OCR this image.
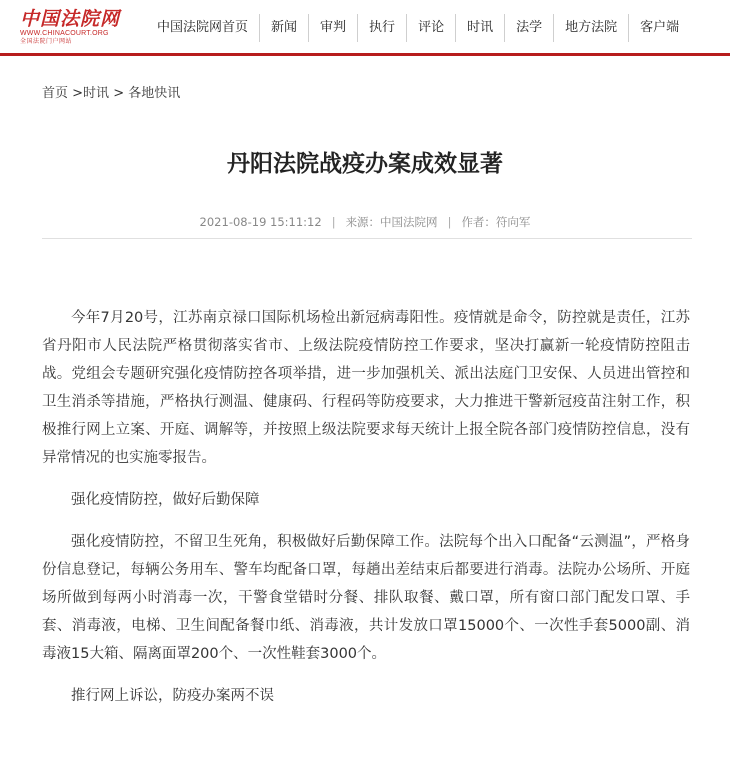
中国法院网
WWW.CHINACOURT.ORG
全国法院门户网站
中国法院网首页	新闻	审判	执行	评论	时讯	法学	地方法院	客户端
首页 >时讯 > 各地快讯
丹阳法院战疫办案成效显著
2021-08-19 15:11:12 | 来源：中国法院网 | 作者：符向军

今年7月20号，江苏南京禄口国际机场检出新冠病毒阳性。疫情就是命令，防控就是责任，江苏省丹阳市人民法院严格贯彻落实省市、上级法院疫情防控工作要求，坚决打赢新一轮疫情防控阻击战。党组会专题研究强化疫情防控各项举措，进一步加强机关、派出法庭门卫安保、人员进出管控和卫生消杀等措施，严格执行测温、健康码、行程码等防疫要求，大力推进干警新冠疫苗注射工作，积极推行网上立案、开庭、调解等，并按照上级法院要求每天统计上报全院各部门疫情防控信息，没有异常情况的也实施零报告。

强化疫情防控，做好后勤保障

强化疫情防控，不留卫生死角，积极做好后勤保障工作。法院每个出入口配备“云测温”，严格身份信息登记，每辆公务用车、警车均配备口罩，每趟出差结束后都要进行消毒。法院办公场所、开庭场所做到每两小时消毒一次，干警食堂错时分餐、排队取餐、戴口罩，所有窗口部门配发口罩、手套、消毒液，电梯、卫生间配备餐巾纸、消毒液，共计发放口罩15000个、一次性手套5000副、消毒液15大箱、隔离面罩200个、一次性鞋套3000个。

推行网上诉讼，防疫办案两不误
